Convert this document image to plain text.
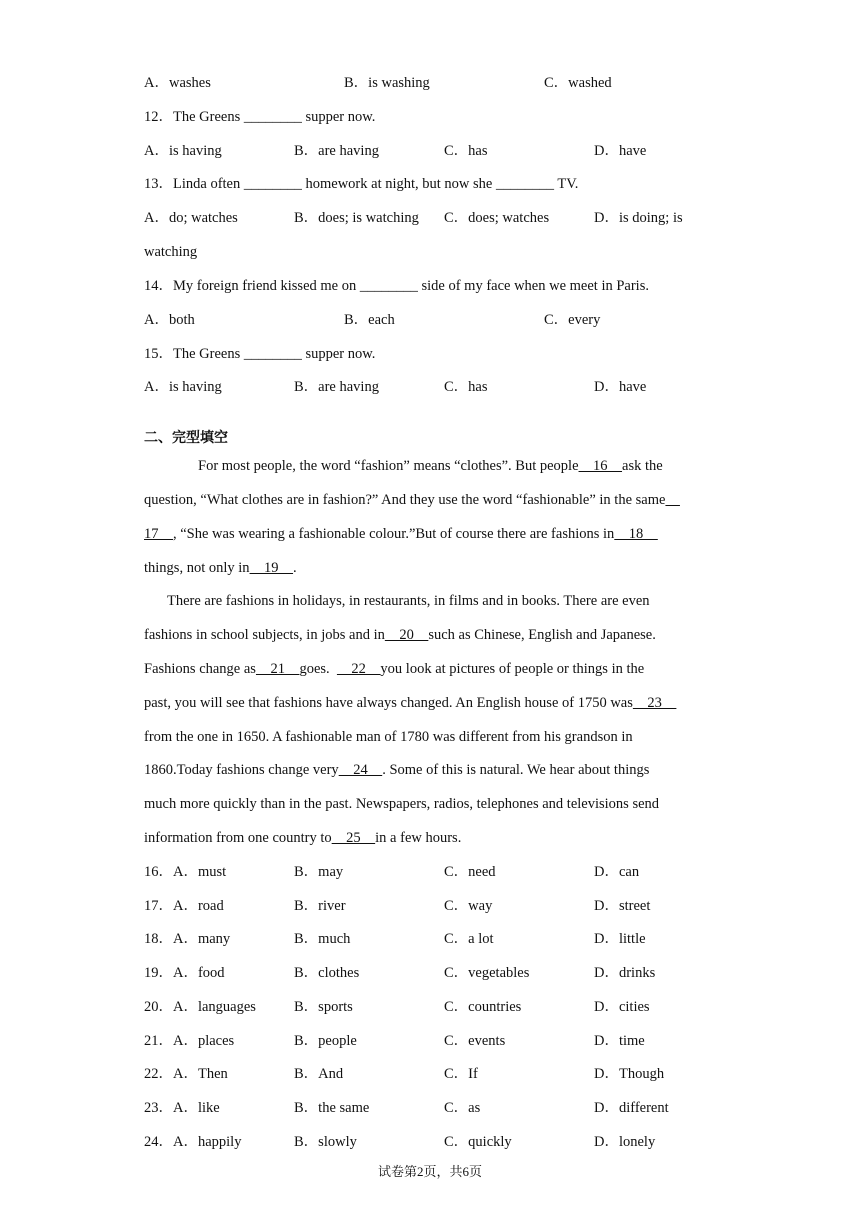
A．washes	B．is washing	C．washed
12．The Greens ________ supper now.
A．is having	B．are having	C．has	D．have
13．Linda often ________ homework at night, but now she ________ TV.
A．do; watches	B．does; is watching C．does; watches	D．is doing; is
watching
14．My foreign friend kissed me on ________ side of my face when we meet in Paris.
A．both	B．each	C．every
15．The Greens ________ supper now.
A．is having	B．are having	C．has	D．have
二、完型填空
For most people, the word “fashion” means “clothes”. But people    16    ask the
question, “What clothes are in fashion?” And they use the word “fashionable” in the same
17    , “She was wearing a fashionable colour.”But of course there are fashions in    18
things, not only in    19    .
There are fashions in holidays, in restaurants, in films and in books. There are even
fashions in school subjects, in jobs and in    20    such as Chinese, English and Japanese.
Fashions change as    21    goes.      22    you look at pictures of people or things in the
past, you will see that fashions have always changed. An English house of 1750 was    23
from the one in 1650. A fashionable man of 1780 was different from his grandson in
1860.Today fashions change very    24    . Some of this is natural. We hear about things
much more quickly than in the past. Newspapers, radios, telephones and televisions send
information from one country to    25    in a few hours.
16．A．must	B．may	C．need	D．can
17．A．road	B．river	C．way	D．street
18．A．many	B．much	C．a lot	D．little
19．A．food	B．clothes	C．vegetables	D．drinks
20．A．languages	B．sports	C．countries	D．cities
21．A．places	B．people	C．events	D．time
22．A．Then	B．And	C．If	D．Though
23．A．like	B．the same	C．as	D．different
24．A．happily	B．slowly	C．quickly	D．lonely
试卷第2页，共6页
